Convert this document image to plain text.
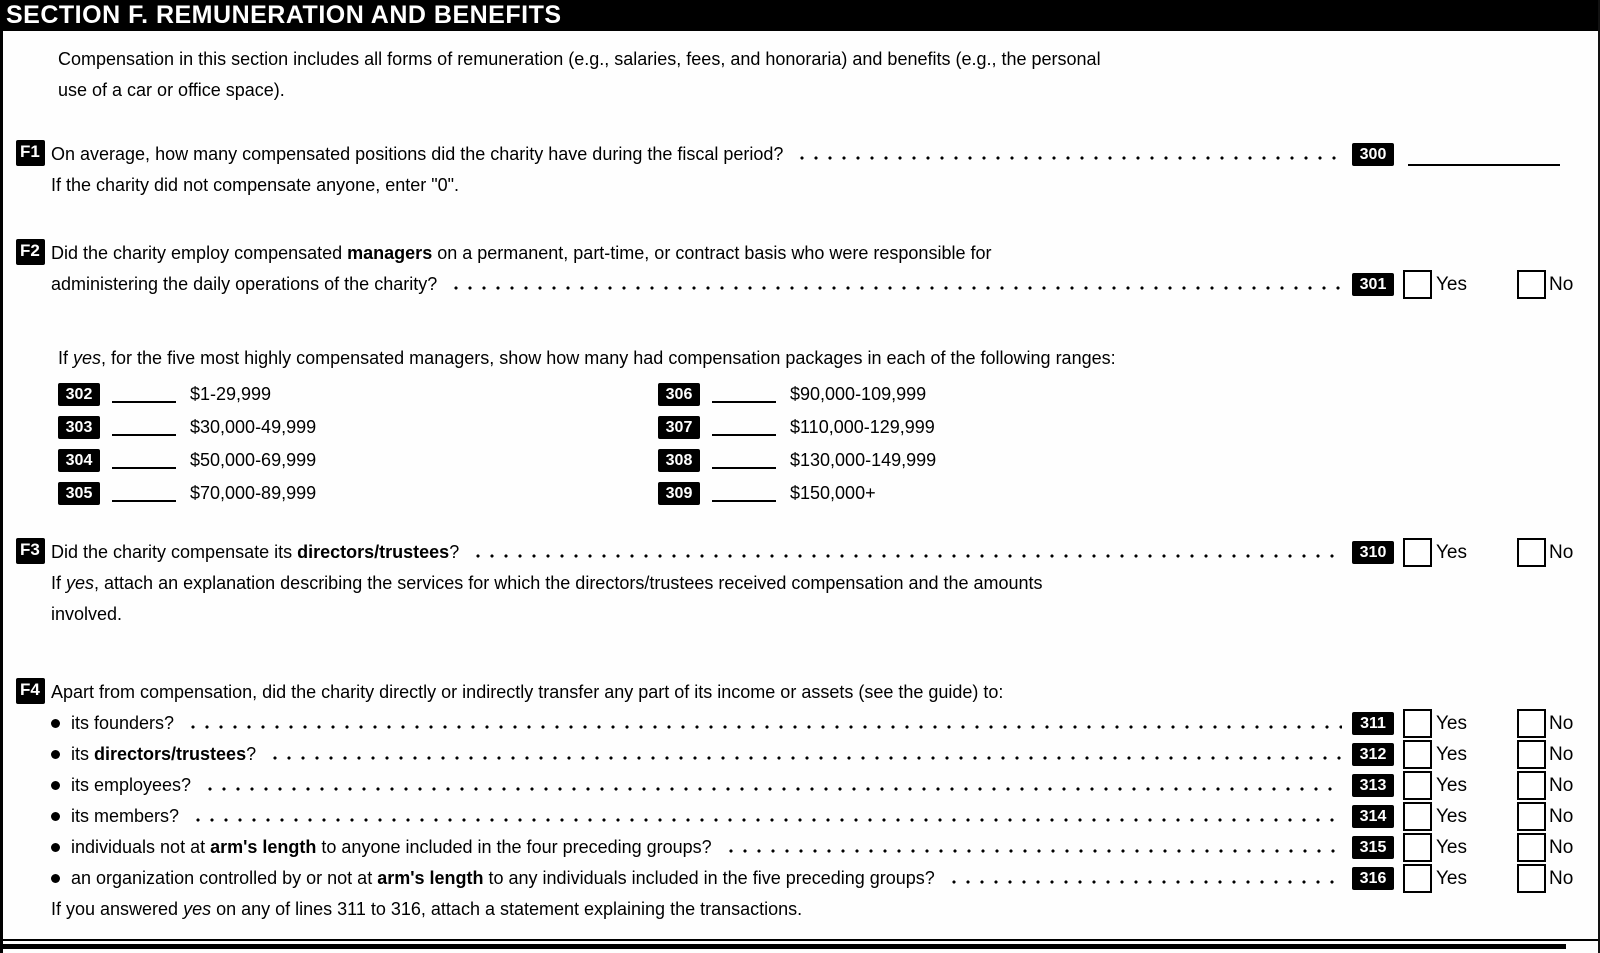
SECTION F. REMUNERATION AND BENEFITS
Compensation in this section includes all forms of remuneration (e.g., salaries, fees, and honoraria) and benefits (e.g., the personal
use of a car or office space).
F1 On average, how many compensated positions did the charity have during the fiscal period?	300
If the charity did not compensate anyone, enter "0".
F2 Did the charity employ compensated managers on a permanent, part-time, or contract basis who were responsible for
administering the daily operations of the charity?	301	Yes	No
If yes, for the five most highly compensated managers, show how many had compensation packages in each of the following ranges:
302	$1-29,999
303	$30,000-49,999
304	$50,000-69,999
305	$70,000-89,999
306	$90,000-109,999
307	$110,000-129,999
308	$130,000-149,999
309	$150,000+
F3 Did the charity compensate its directors/trustees?	310	Yes	No
If yes, attach an explanation describing the services for which the directors/trustees received compensation and the amounts
involved.
F4 Apart from compensation, did the charity directly or indirectly transfer any part of its income or assets (see the guide) to:
its founders?	311	Yes	No
its directors/trustees?	312	Yes	No
its employees?	313	Yes	No
its members?	314	Yes	No
individuals not at arm's length to anyone included in the four preceding groups?	315	Yes	No
an organization controlled by or not at arm's length to any individuals included in the five preceding groups?	316	Yes	No
If you answered yes on any of lines 311 to 316, attach a statement explaining the transactions.
